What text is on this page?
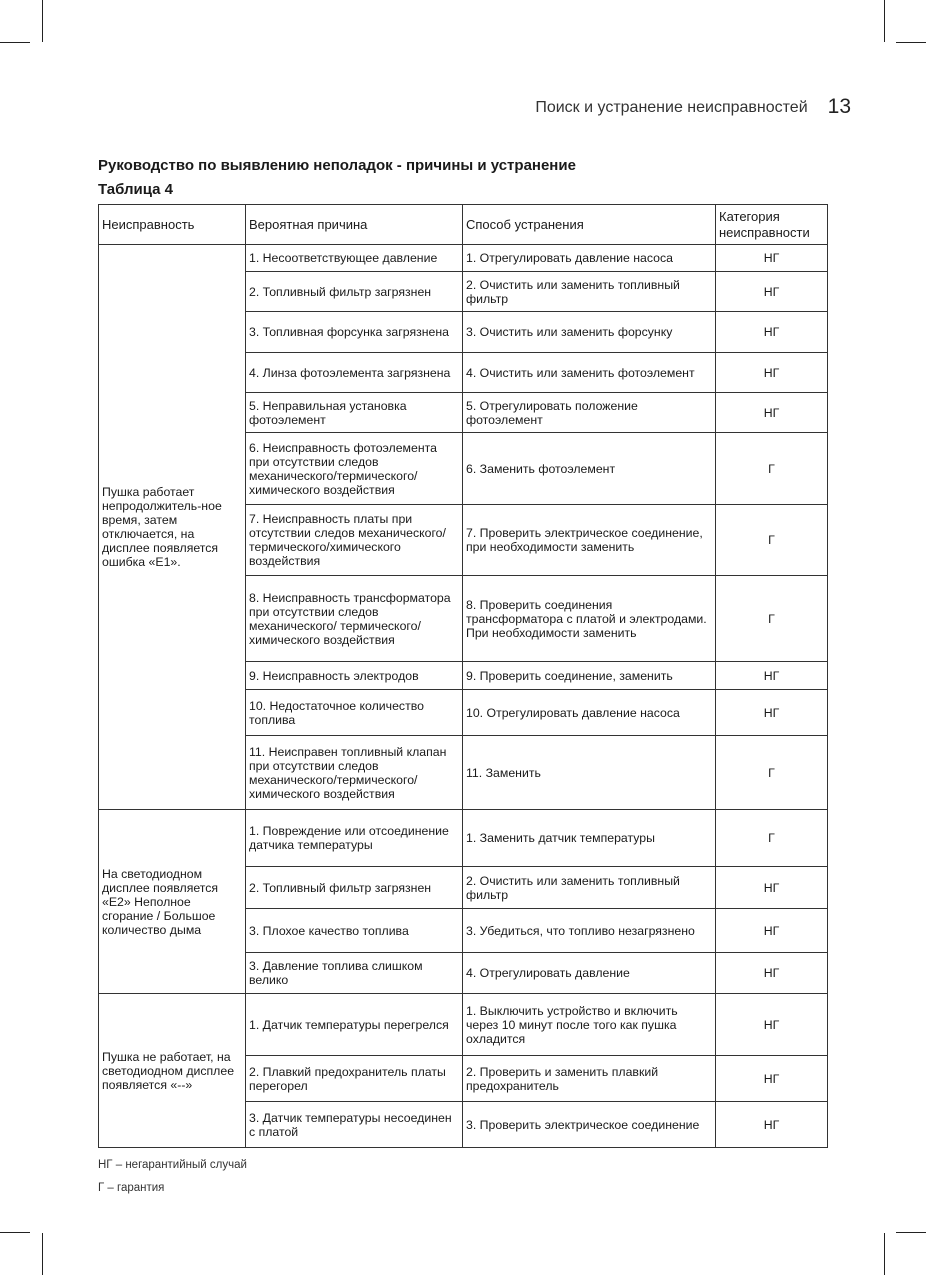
Поиск и устранение неисправностей 13
Руководство по выявлению неполадок - причины и устранение
Таблица 4
Неисправность	Вероятная причина	Способ устранения	Категория неисправности
Пушка работает непродолжитель-ное время, затем отключается, на дисплее появляется ошибка «E1».	1. Несоответствующее давление	1. Отрегулировать давление насоса	НГ
	2. Топливный фильтр загрязнен	2. Очистить или заменить топливный фильтр	НГ
	3. Топливная форсунка загрязнена	3. Очистить или заменить форсунку	НГ
	4. Линза фотоэлемента загрязнена	4. Очистить или заменить фотоэлемент	НГ
	5. Неправильная установка фотоэлемент	5. Отрегулировать положение фотоэлемент	НГ
	6. Неисправность фотоэлемента при отсутствии следов механического/термического/ химического воздействия	6. Заменить фотоэлемент	Г
	7. Неисправность платы при отсутствии следов механического/ термического/химического воздействия	7. Проверить электрическое соединение, при необходимости заменить	Г
	8. Неисправность трансформатора при отсутствии следов механического/ термического/химического воздействия	8. Проверить соединения трансформатора с платой и электродами. При необходимости заменить	Г
	9. Неисправность электродов	9. Проверить соединение, заменить	НГ
	10. Недостаточное количество топлива	10. Отрегулировать давление насоса	НГ
	11. Неисправен топливный клапан при отсутствии следов механического/термического/ химического воздействия	11. Заменить	Г
На светодиодном дисплее появляется «E2» Неполное сгорание / Большое количество дыма	1. Повреждение или отсоединение датчика температуры	1. Заменить датчик температуры	Г
	2. Топливный фильтр загрязнен	2. Очистить или заменить топливный фильтр	НГ
	3. Плохое качество топлива	3. Убедиться, что топливо незагрязнено	НГ
	3. Давление топлива слишком велико	4. Отрегулировать давление	НГ
Пушка не работает, на светодиодном дисплее появляется «--»	1. Датчик температуры перегрелся	1. Выключить устройство и включить через 10 минут после того как пушка охладится	НГ
	2. Плавкий предохранитель платы перегорел	2. Проверить и заменить плавкий предохранитель	НГ
	3. Датчик температуры несоединен с платой	3. Проверить электрическое соединение	НГ
НГ – негарантийный случай
Г – гарантия
